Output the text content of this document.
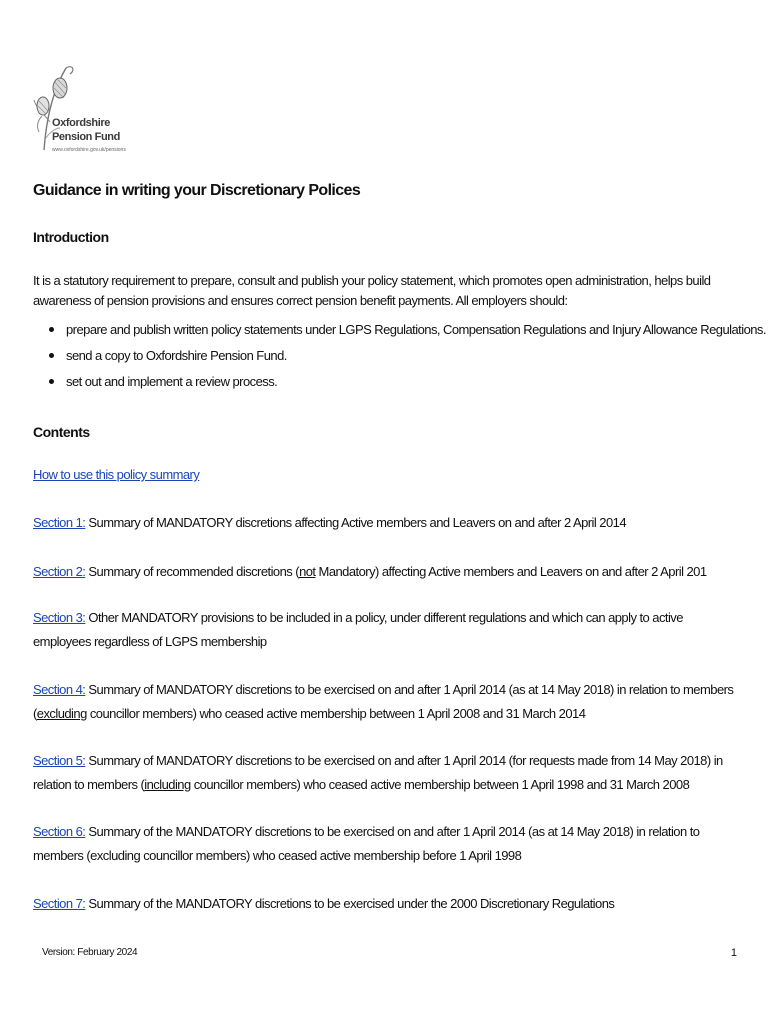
Oxfordshire
Pension Fund
www.oxfordshire.gov.uk/pensions
Guidance in writing your Discretionary Polices
Introduction

It is a statutory requirement to prepare, consult and publish your policy statement, which promotes open administration, helps build awareness of pension provisions and ensures correct pension benefit payments. All employers should:

prepare and publish written policy statements under LGPS Regulations, Compensation Regulations and Injury Allowance Regulations.
send a copy to Oxfordshire Pension Fund.
set out and implement a review process.
Contents
How to use this policy summary

Section 1: Summary of MANDATORY discretions affecting Active members and Leavers on and after 2 April 2014

Section 2: Summary of recommended discretions (not Mandatory) affecting Active members and Leavers on and after 2 April 201

Section 3: Other MANDATORY provisions to be included in a policy, under different regulations and which can apply to active employees regardless of LGPS membership

Section 4: Summary of MANDATORY discretions to be exercised on and after 1 April 2014 (as at 14 May 2018) in relation to members (excluding councillor members) who ceased active membership between 1 April 2008 and 31 March 2014

Section 5: Summary of MANDATORY discretions to be exercised on and after 1 April 2014 (for requests made from 14 May 2018) in relation to members (including councillor members) who ceased active membership between 1 April 1998 and 31 March 2008

Section 6: Summary of the MANDATORY discretions to be exercised on and after 1 April 2014 (as at 14 May 2018) in relation to members (excluding councillor members) who ceased active membership before 1 April 1998

Section 7: Summary of the MANDATORY discretions to be exercised under the 2000 Discretionary Regulations

Version: February 2024	1
